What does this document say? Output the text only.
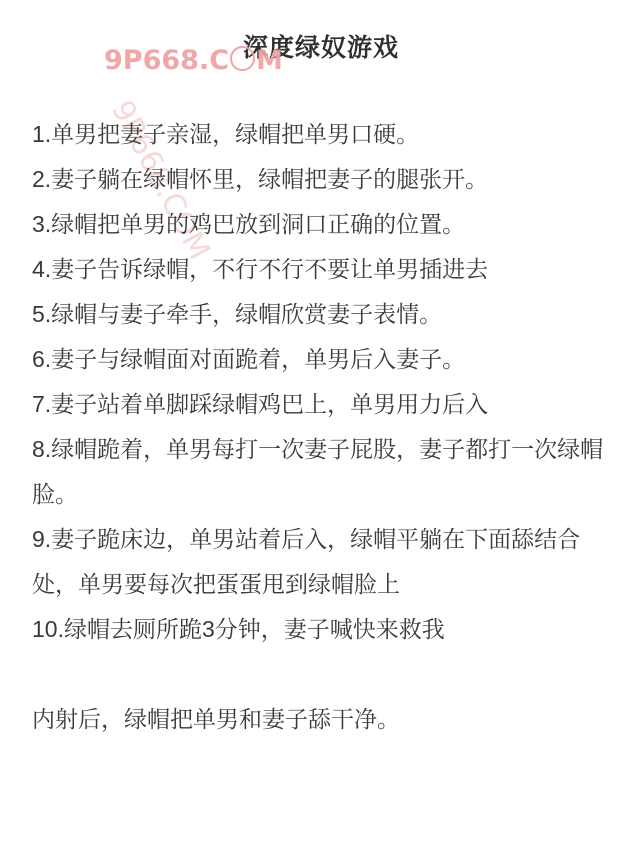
深度绿奴游戏
9P668.COM
9P668.C〇M
1.单男把妻子亲湿，绿帽把单男口硬。
2.妻子躺在绿帽怀里，绿帽把妻子的腿张开。
3.绿帽把单男的鸡巴放到洞口正确的位置。
4.妻子告诉绿帽，不行不行不要让单男插进去
5.绿帽与妻子牵手，绿帽欣赏妻子表情。
6.妻子与绿帽面对面跪着，单男后入妻子。
7.妻子站着单脚踩绿帽鸡巴上，单男用力后入
8.绿帽跪着，单男每打一次妻子屁股，妻子都打一次绿帽脸。
9.妻子跪床边，单男站着后入，绿帽平躺在下面舔结合处，单男要每次把蛋蛋甩到绿帽脸上
10.绿帽去厕所跪3分钟，妻子喊快来救我
内射后，绿帽把单男和妻子舔干净。
